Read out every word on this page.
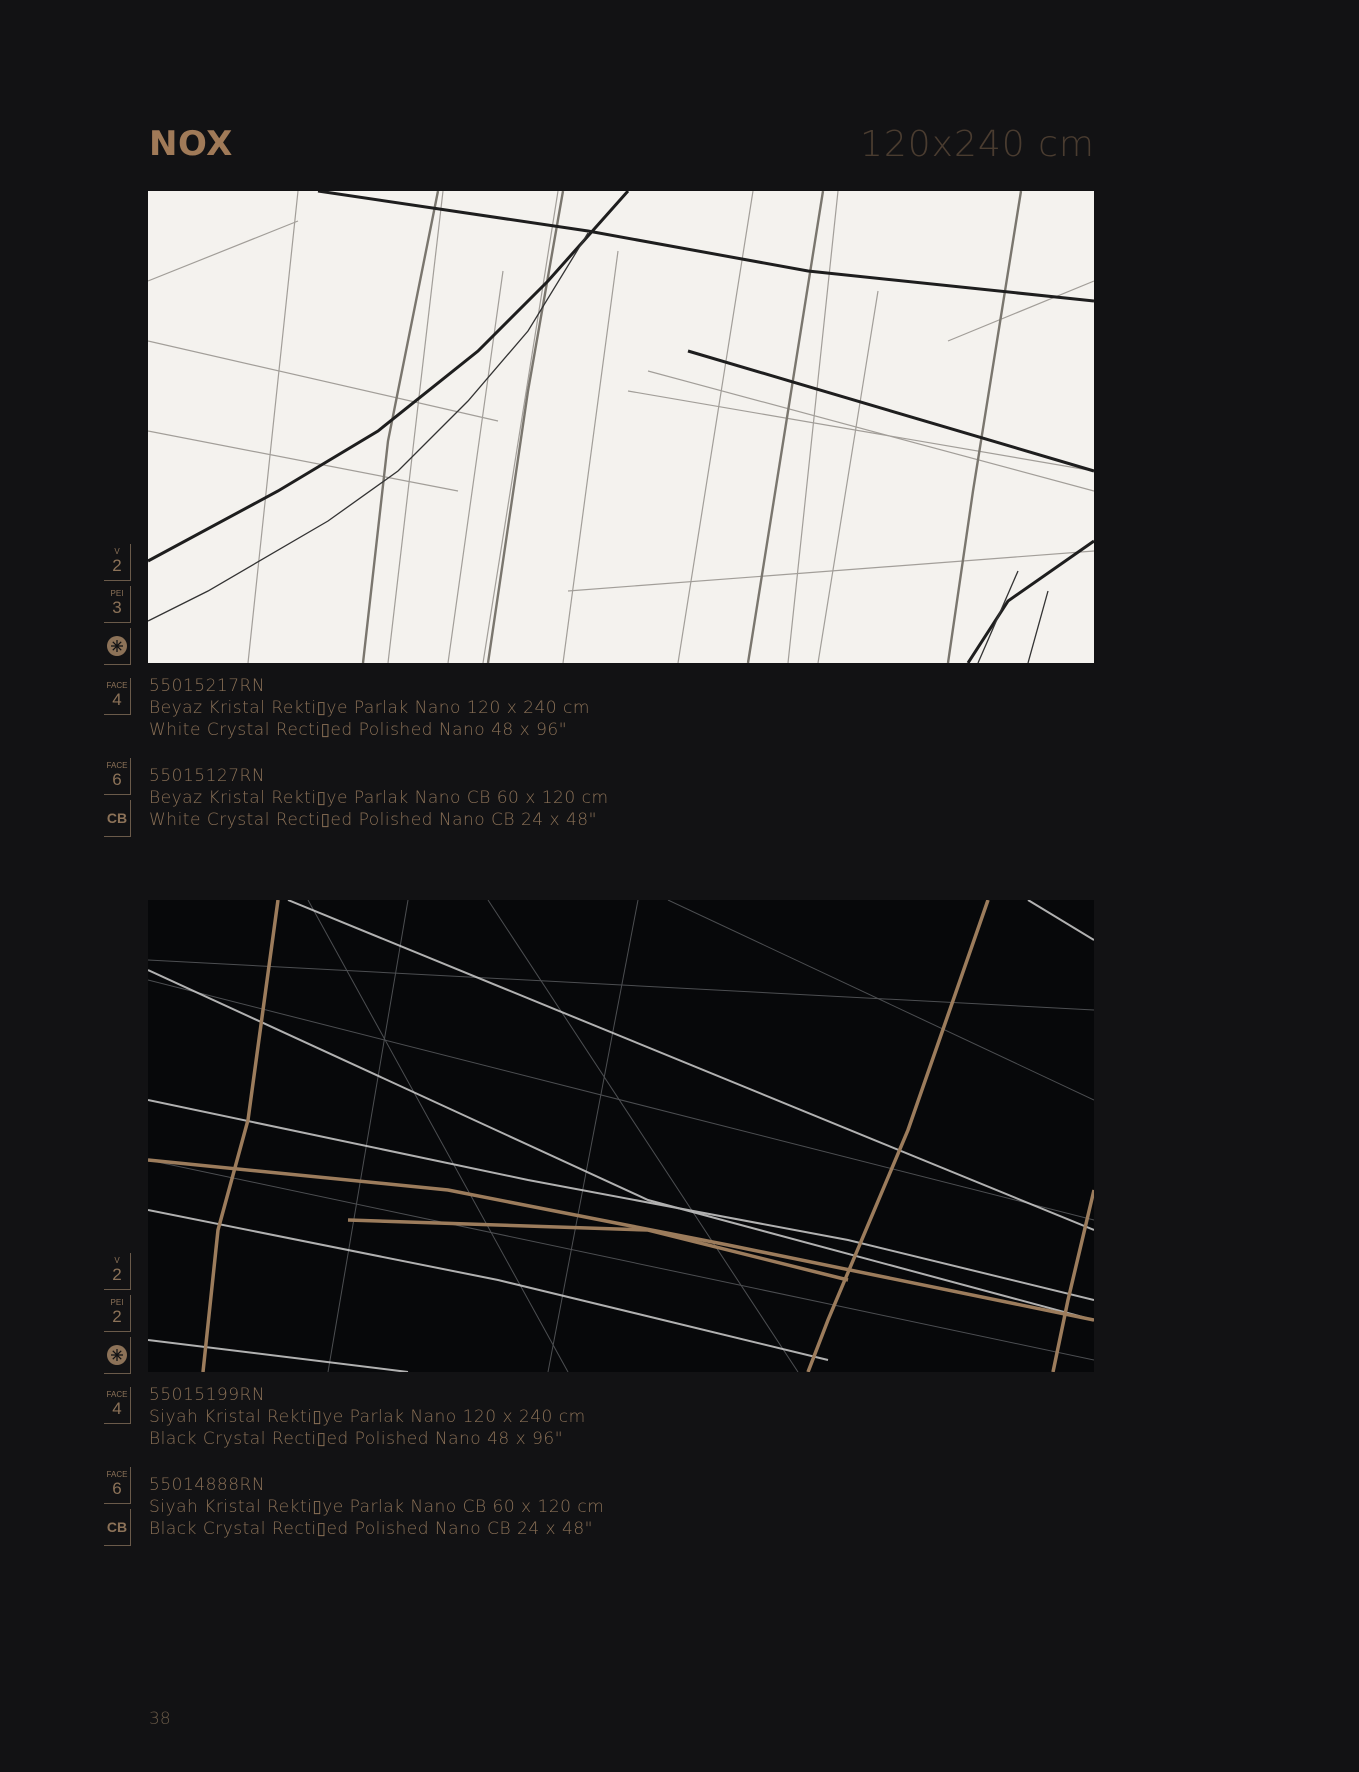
NOX	120x240 cm
V
2
PEI
3
FACE
4
55015217RN
Beyaz Kristal Rekti▯ye Parlak Nano 120 x 240 cm
White Crystal Recti▯ed Polished Nano 48 x 96"
FACE
6
CB
55015127RN
Beyaz Kristal Rekti▯ye Parlak Nano CB 60 x 120 cm
White Crystal Recti▯ed Polished Nano CB 24 x 48"
V
2
PEI
2
FACE
4
55015199RN
Siyah Kristal Rekti▯ye Parlak Nano 120 x 240 cm
Black Crystal Recti▯ed Polished Nano 48 x 96"
FACE
6
CB
55014888RN
Siyah Kristal Rekti▯ye Parlak Nano CB 60 x 120 cm
Black Crystal Recti▯ed Polished Nano CB 24 x 48"
38
